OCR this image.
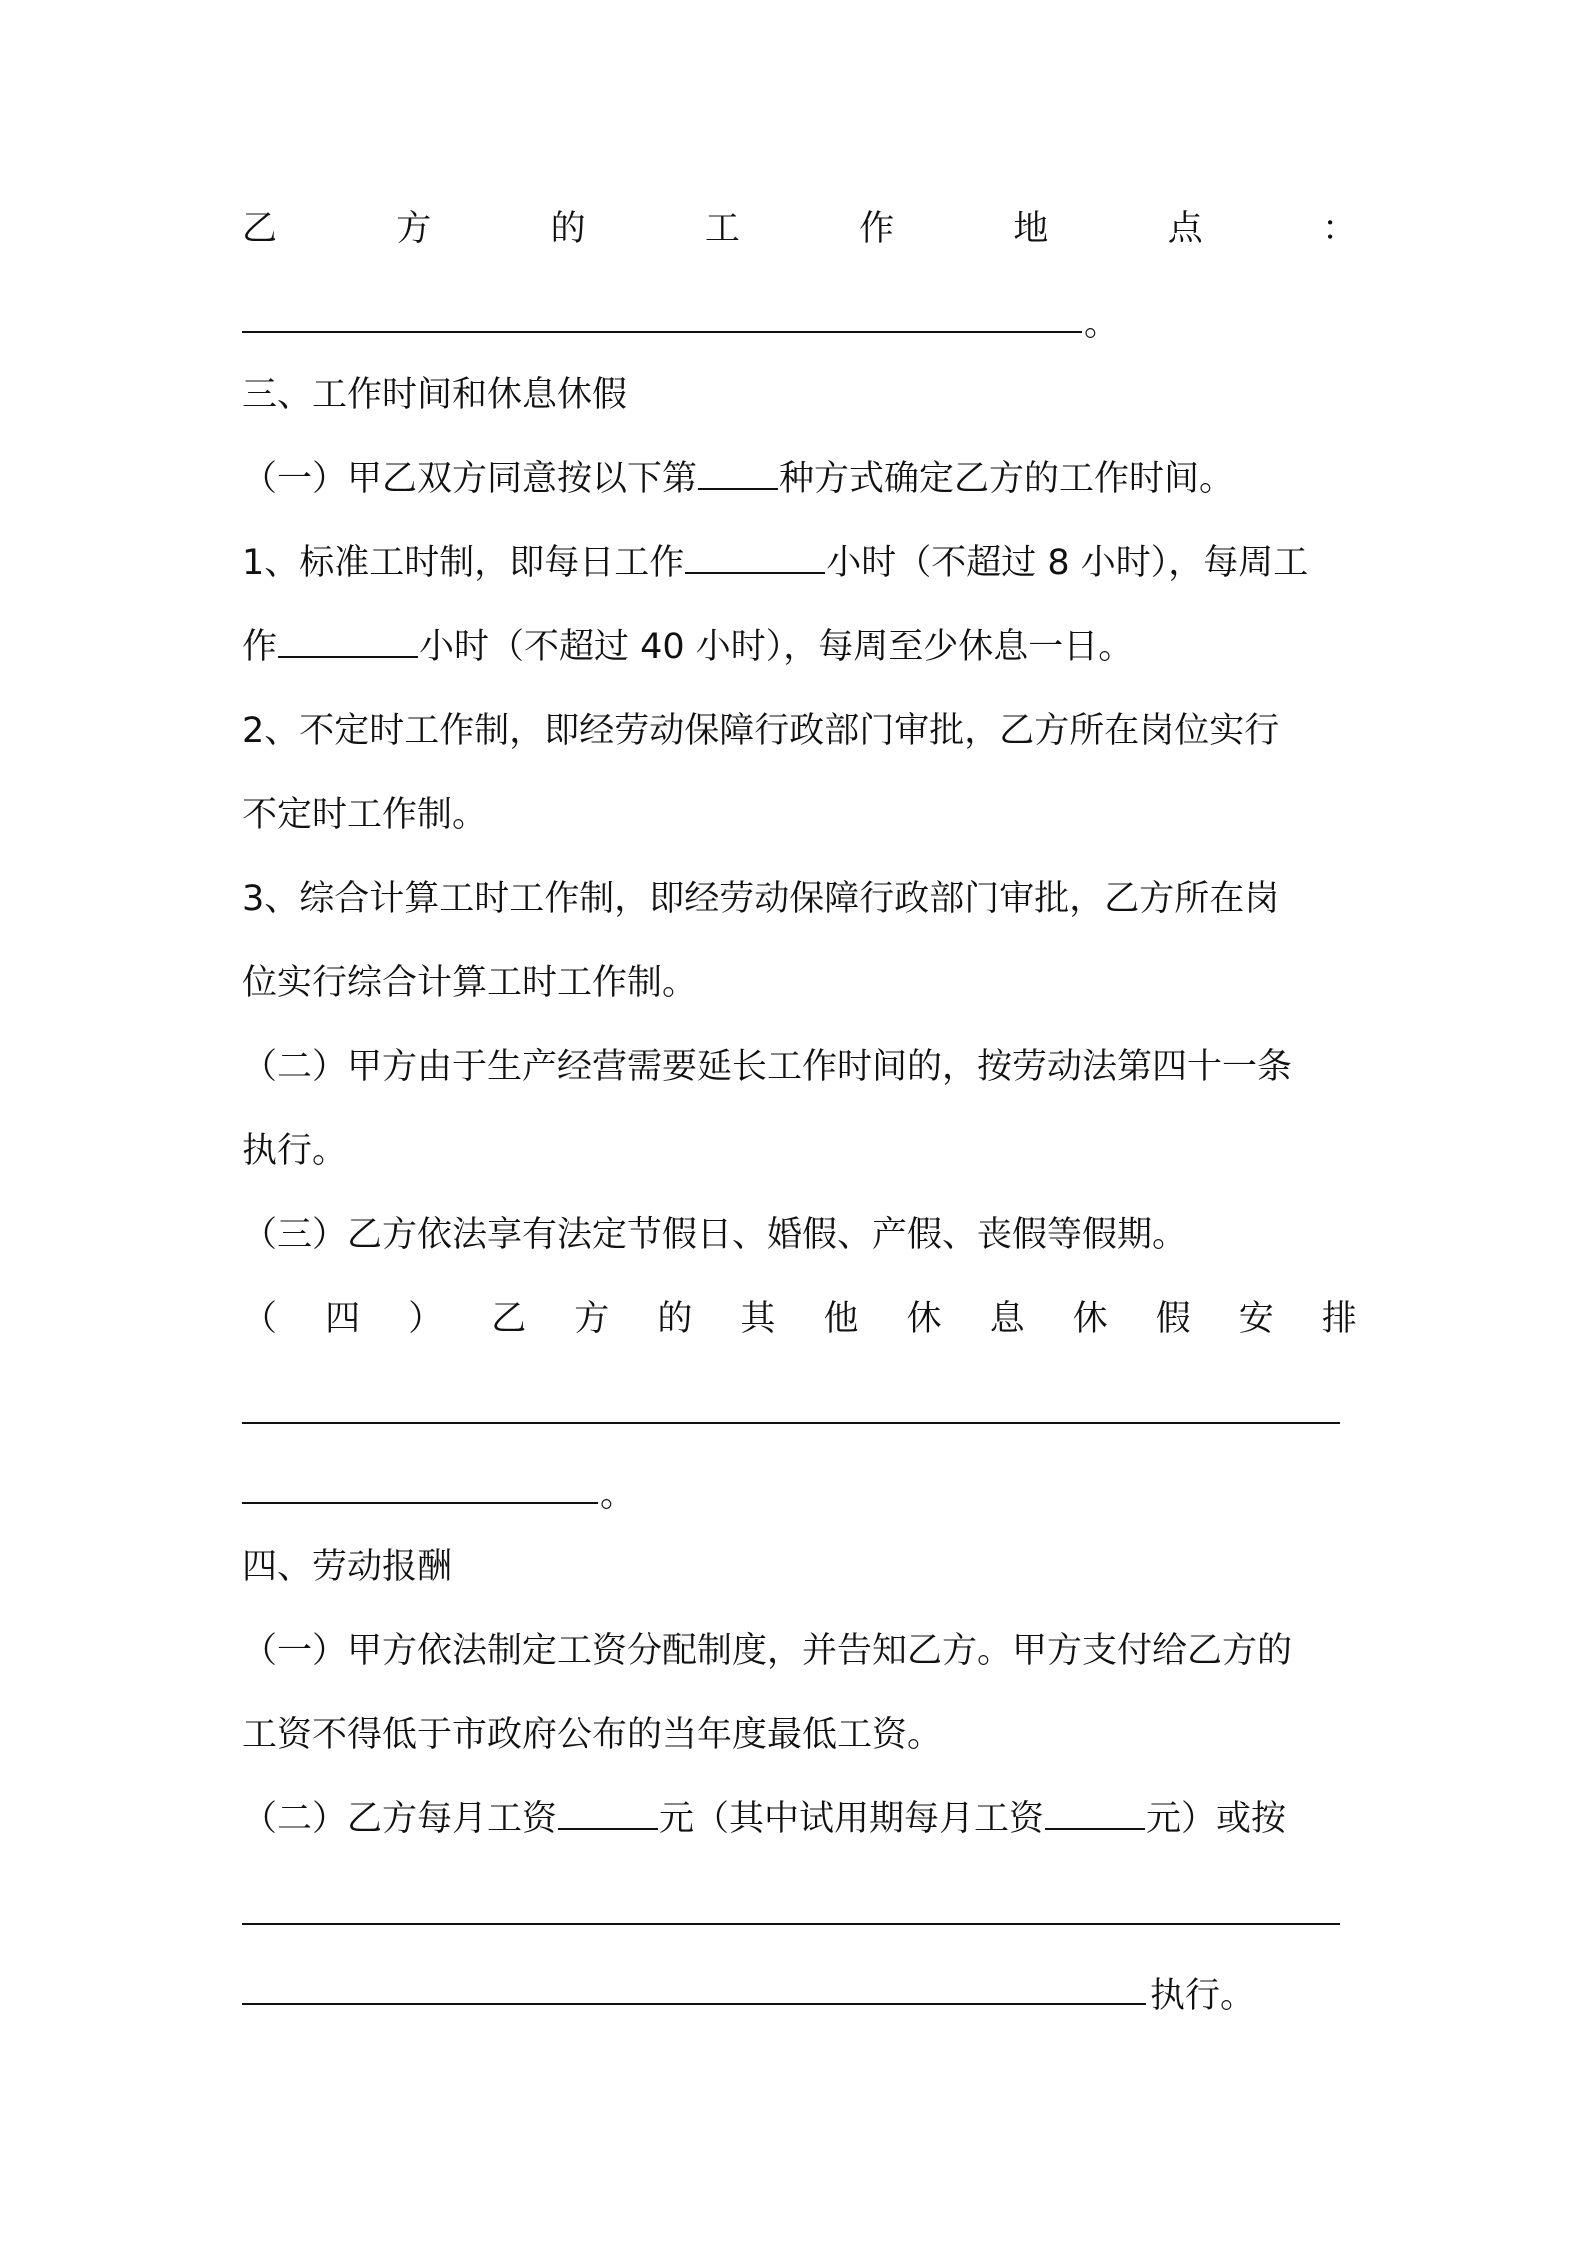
乙	方	的	工	作	地	点	：
。
三、工作时间和休息休假
（一）甲乙双方同意按以下第 种方式确定乙方的工作时间。
1、标准工时制，即每日工作	小时（不超过 8 小时），每周工
作	小时（不超过 40 小时），每周至少休息一日。
2、不定时工作制，即经劳动保障行政部门审批，乙方所在岗位实行
不定时工作制。
3、综合计算工时工作制，即经劳动保障行政部门审批，乙方所在岗
位实行综合计算工时工作制。
（二）甲方由于生产经营需要延长工作时间的，按劳动法第四十一条
执行。
（三）乙方依法享有法定节假日、婚假、产假、丧假等假期。
（ 四 ） 乙 方 的 其 他 休 息 休 假 安 排
。
四、劳动报酬
（一）甲方依法制定工资分配制度，并告知乙方。甲方支付给乙方的
工资不得低于市政府公布的当年度最低工资。
（二）乙方每月工资	元（其中试用期每月工资	元）或按
执行。
